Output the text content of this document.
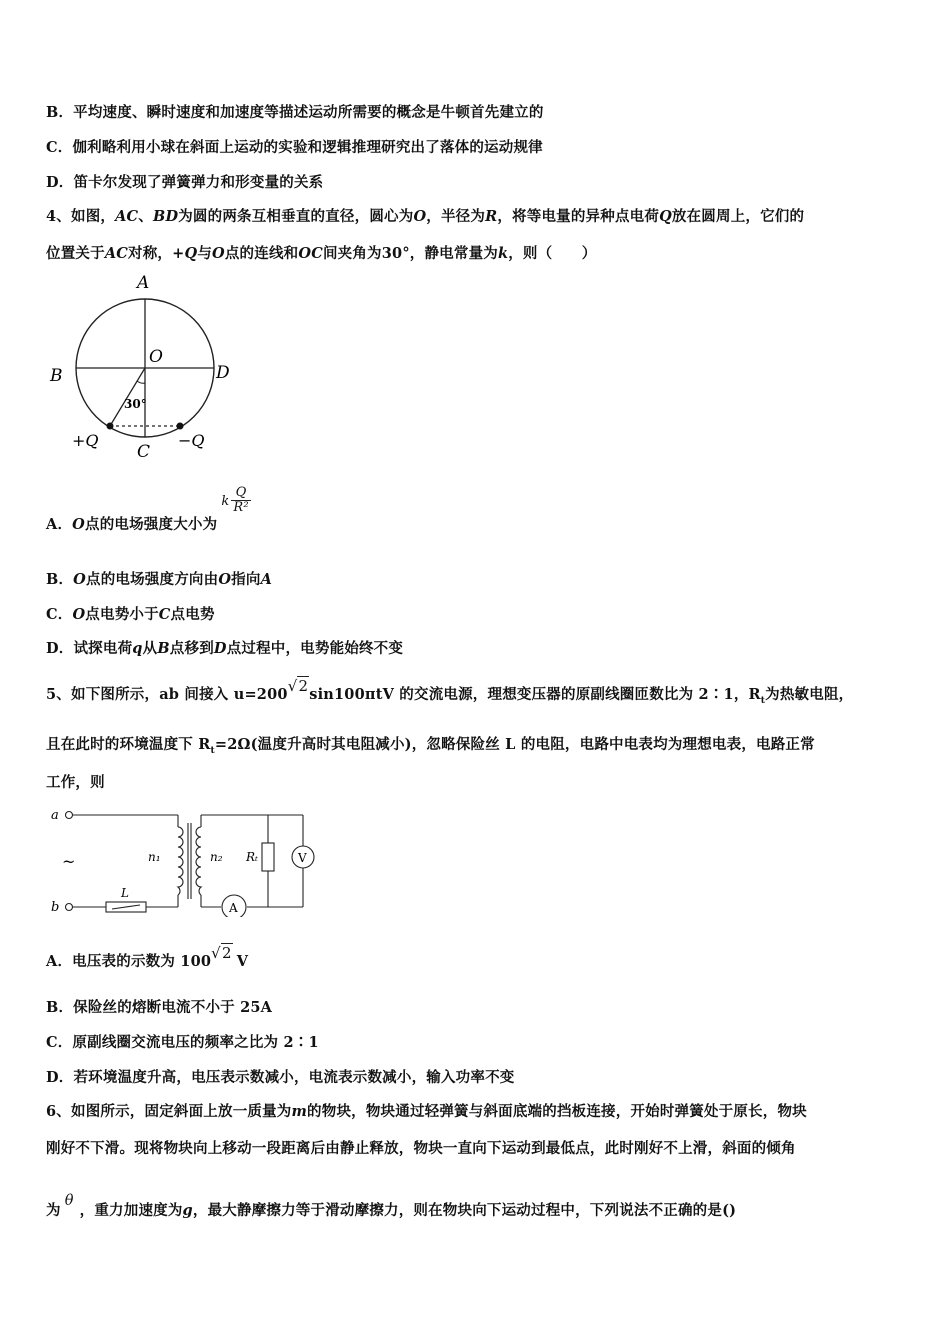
B．平均速度、瞬时速度和加速度等描述运动所需要的概念是牛顿首先建立的
C．伽利略利用小球在斜面上运动的实验和逻辑推理研究出了落体的运动规律
D．笛卡尔发现了弹簧弹力和形变量的关系
4、如图，AC、BD为圆的两条互相垂直的直径，圆心为O，半径为R，将等电量的异种点电荷Q放在圆周上，它们的
位置关于AC对称，+Q与O点的连线和OC间夹角为30°，静电常量为k，则（　　）
A
O
B	D
30°
+Q
C
−Q
A．O点的电场强度大小为k $\frac{Q}{\text{R²}}$
B．O点的电场强度方向由O指向A
C．O点电势小于C点电势
D．试探电荷q从B点移到D点过程中，电势能始终不变
5、如下图所示，ab 间接入 u=200√2sin100πtV 的交流电源，理想变压器的原副线圈匝数比为 2∶1，$R_t$为热敏电阻，
且在此时的环境温度下 $R_t=2\Omega$(温度升高时其电阻减小)，忽略保险丝 L 的电阻，电路中电表均为理想电表，电路正常
工作，则
a
b
~	n₁	n₂ Rₜ
L
V
A
A．电压表的示数为 100√2 V
B．保险丝的熔断电流不小于 25A
C．原副线圈交流电压的频率之比为 2∶1
D．若环境温度升高，电压表示数减小，电流表示数减小，输入功率不变
6、如图所示，固定斜面上放一质量为m的物块，物块通过轻弹簧与斜面底端的挡板连接，开始时弹簧处于原长，物块
刚好不下滑。现将物块向上移动一段距离后由静止释放，物块一直向下运动到最低点，此时刚好不上滑，斜面的倾角
为θ，重力加速度为g，最大静摩擦力等于滑动摩擦力，则在物块向下运动过程中，下列说法不正确的是()
